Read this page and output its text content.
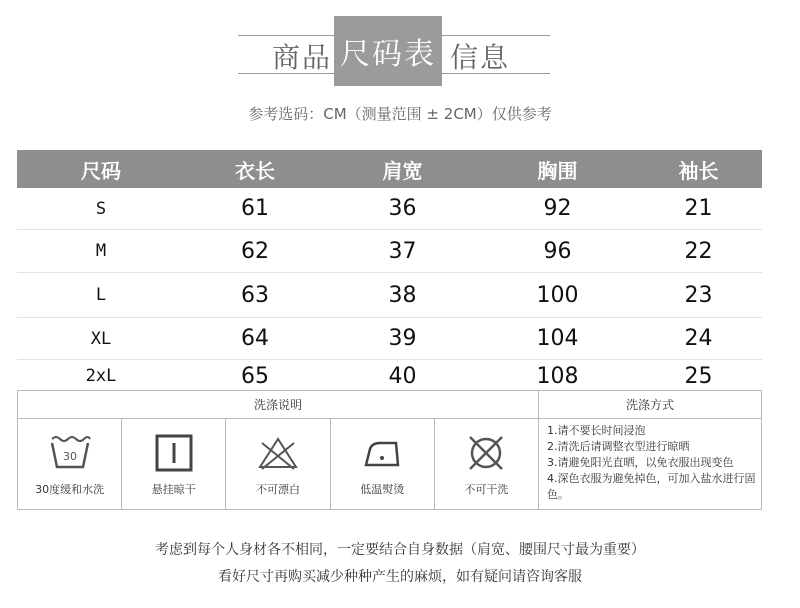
商品 尺码表 信息
参考选码：CM（测量范围 ± 2CM）仅供参考
尺码	衣长	肩宽	胸围	袖长
S	61	36	92	21
M	62	37	96	22
L	63	38	100	23
XL	64	39	104	24
2xL	65	40	108	25
洗涤说明	洗涤方式
30
30度缓和水洗	悬挂晾干	不可漂白	低温熨烫	不可干洗

1.请不要长时间浸泡

2.清洗后请调整衣型进行晾晒

3.请避免阳光直晒，以免衣服出现变色

4.深色衣服为避免掉色，可加入盐水进行固色。

考虑到每个人身材各不相同，一定要结合自身数据（肩宽、腰围尺寸最为重要）
看好尺寸再购买减少种种产生的麻烦，如有疑问请咨询客服
